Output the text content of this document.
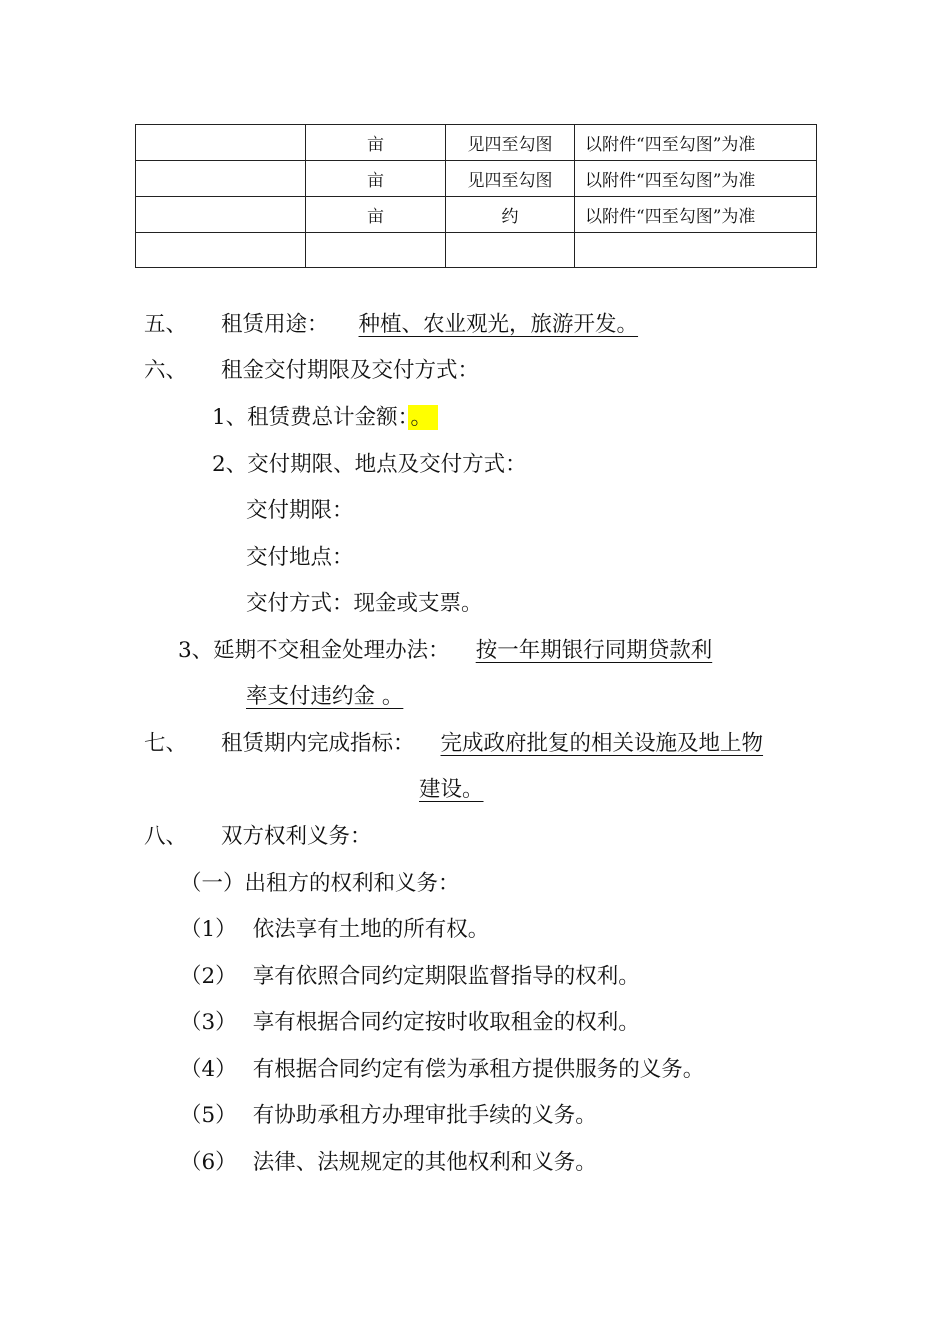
	亩	见四至勾图	以附件“四至勾图”为准
	亩	见四至勾图	以附件“四至勾图”为准
	亩	约	以附件“四至勾图”为准

五、 租赁用途： 种植、农业观光，旅游开发。
六、 租金交付期限及交付方式：
1、租赁费总计金额：。
2、交付期限、地点及交付方式：
交付期限：
交付地点：
交付方式：现金或支票。
3、延期不交租金处理办法： 按一年期银行同期贷款利
率支付违约金 。
七、 租赁期内完成指标： 完成政府批复的相关设施及地上物
建设。
八、 双方权利义务：
（一）出租方的权利和义务：
（1） 依法享有土地的所有权。
（2） 享有依照合同约定期限监督指导的权利。
（3） 享有根据合同约定按时收取租金的权利。
（4） 有根据合同约定有偿为承租方提供服务的义务。
（5） 有协助承租方办理审批手续的义务。
（6） 法律、法规规定的其他权利和义务。
